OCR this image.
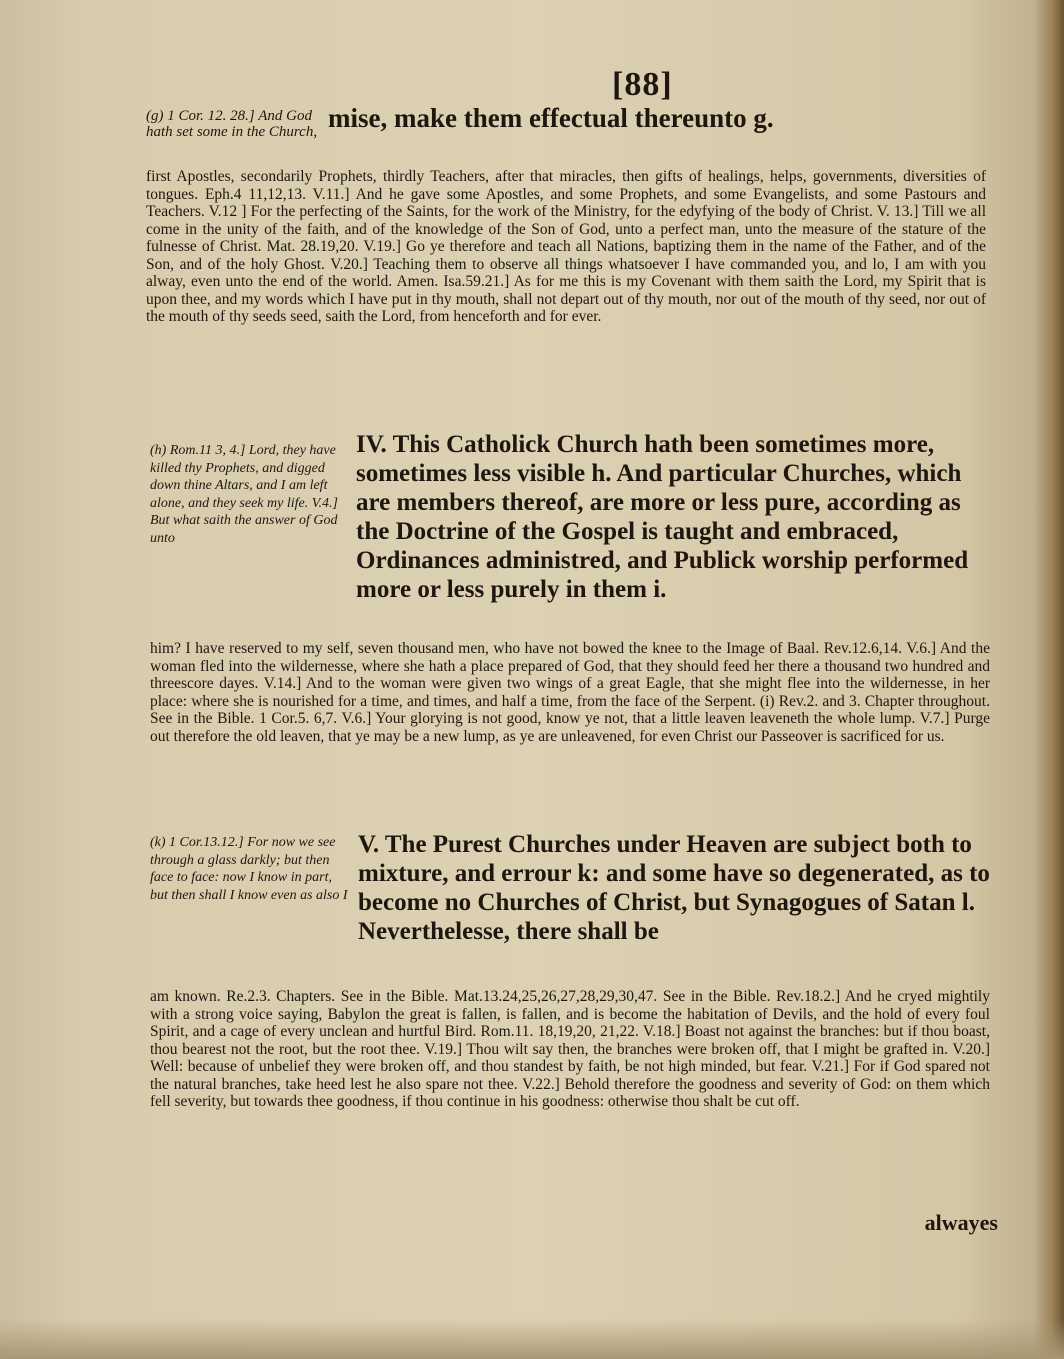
[88]
(g) 1 Cor. 12. 28.] And God hath set some in the Church, mise, make them effectual thereunto g.
first Apostles, secondarily Prophets, thirdly Teachers, after that miracles, then gifts of healings, helps, governments, diversities of tongues. Eph.4 11,12,13. V.11.] And he gave some Apostles, and some Prophets, and some Evangelists, and some Pastours and Teachers. V.12 ] For the perfecting of the Saints, for the work of the Ministry, for the edyfying of the body of Christ. V. 13.] Till we all come in the unity of the faith, and of the knowledge of the Son of God, unto a perfect man, unto the measure of the stature of the fulnesse of Christ. Mat. 28.19,20. V.19.] Go ye therefore and teach all Nations, baptizing them in the name of the Father, and of the Son, and of the holy Ghost. V.20.] Teaching them to observe all things whatsoever I have commanded you, and lo, I am with you alway, even unto the end of the world. Amen. Isa.59.21.] As for me this is my Covenant with them saith the Lord, my Spirit that is upon thee, and my words which I have put in thy mouth, shall not depart out of thy mouth, nor out of the mouth of thy seed, nor out of the mouth of thy seeds seed, saith the Lord, from henceforth and for ever.
(h) Rom.11 3, 4.] Lord, they have killed thy Prophets, and digged down thine Altars, and I am left alone, and they seek my life. V.4.] But what saith the answer of God unto
IV. This Catholick Church hath been sometimes more, sometimes less visible h. And particular Churches, which are members thereof, are more or less pure, according as the Doctrine of the Gospel is taught and embraced, Ordinances administred, and Publick worship performed more or less purely in them i.
him? I have reserved to my self, seven thousand men, who have not bowed the knee to the Image of Baal. Rev.12.6,14. V.6.] And the woman fled into the wildernesse, where she hath a place prepared of God, that they should feed her there a thousand two hundred and threescore dayes. V.14.] And to the woman were given two wings of a great Eagle, that she might flee into the wildernesse, in her place: where she is nourished for a time, and times, and half a time, from the face of the Serpent. (i) Rev.2. and 3. Chapter throughout. See in the Bible. 1 Cor.5. 6,7. V.6.] Your glorying is not good, know ye not, that a little leaven leaveneth the whole lump. V.7.] Purge out therefore the old leaven, that ye may be a new lump, as ye are unleavened, for even Christ our Passeover is sacrificed for us.
(k) 1 Cor.13.12.] For now we see through a glass darkly; but then face to face: now I know in part, but then shall I know even as also I
V. The Purest Churches under Heaven are subject both to mixture, and errour k: and some have so degenerated, as to become no Churches of Christ, but Synagogues of Satan l. Neverthelesse, there shall be
am known. Re.2.3. Chapters. See in the Bible. Mat.13.24,25,26,27,28,29,30,47. See in the Bible. Rev.18.2.] And he cryed mightily with a strong voice saying, Babylon the great is fallen, is fallen, and is become the habitation of Devils, and the hold of every foul Spirit, and a cage of every unclean and hurtful Bird. Rom.11. 18,19,20, 21,22. V.18.] Boast not against the branches: but if thou boast, thou bearest not the root, but the root thee. V.19.] Thou wilt say then, the branches were broken off, that I might be grafted in. V.20.] Well: because of unbelief they were broken off, and thou standest by faith, be not high minded, but fear. V.21.] For if God spared not the natural branches, take heed lest he also spare not thee. V.22.] Behold therefore the goodness and severity of God: on them which fell severity, but towards thee goodness, if thou continue in his goodness: otherwise thou shalt be cut off.
alwayes
